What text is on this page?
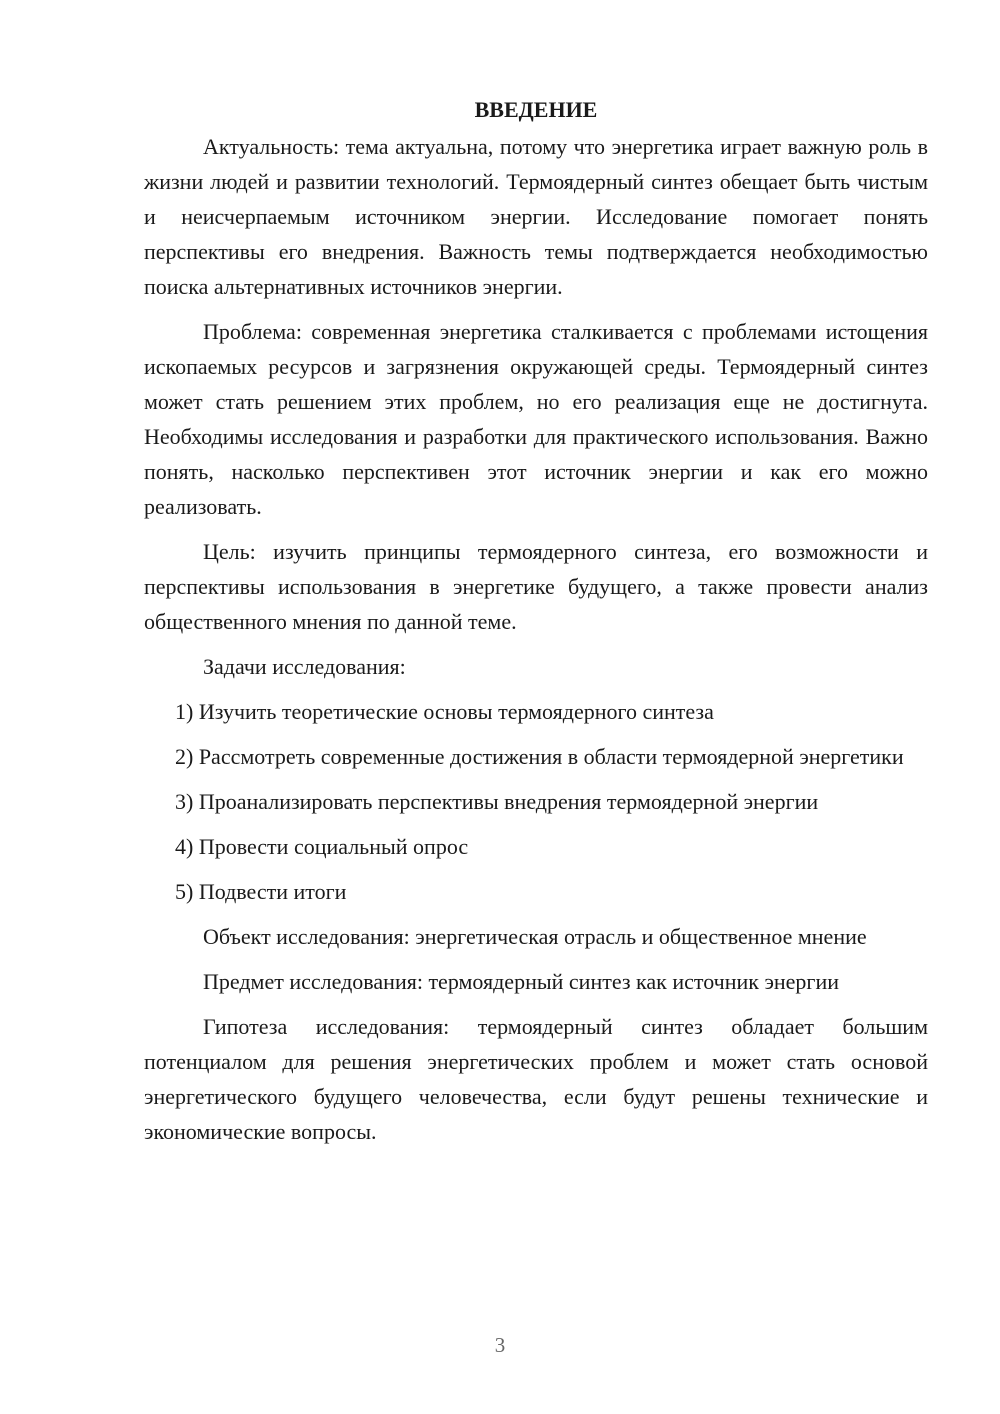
ВВЕДЕНИЕ

Актуальность: тема актуальна, потому что энергетика играет важную роль в жизни людей и развитии технологий. Термоядерный синтез обещает быть чистым и неисчерпаемым источником энергии. Исследование помогает понять перспективы его внедрения. Важность темы подтверждается необходимостью поиска альтернативных источников энергии.

Проблема: современная энергетика сталкивается с проблемами истощения ископаемых ресурсов и загрязнения окружающей среды. Термоядерный синтез может стать решением этих проблем, но его реализация еще не достигнута. Необходимы исследования и разработки для практического использования. Важно понять, насколько перспективен этот источник энергии и как его можно реализовать.

Цель: изучить принципы термоядерного синтеза, его возможности и перспективы использования в энергетике будущего, а также провести анализ общественного мнения по данной теме.

Задачи исследования:

1) Изучить теоретические основы термоядерного синтеза

2) Рассмотреть современные достижения в области термоядерной энергетики

3) Проанализировать перспективы внедрения термоядерной энергии

4) Провести социальный опрос

5) Подвести итоги

Объект исследования: энергетическая отрасль и общественное мнение

Предмет исследования: термоядерный синтез как источник энергии

Гипотеза исследования: термоядерный синтез обладает большим потенциалом для решения энергетических проблем и может стать основой энергетического будущего человечества, если будут решены технические и экономические вопросы.

3
